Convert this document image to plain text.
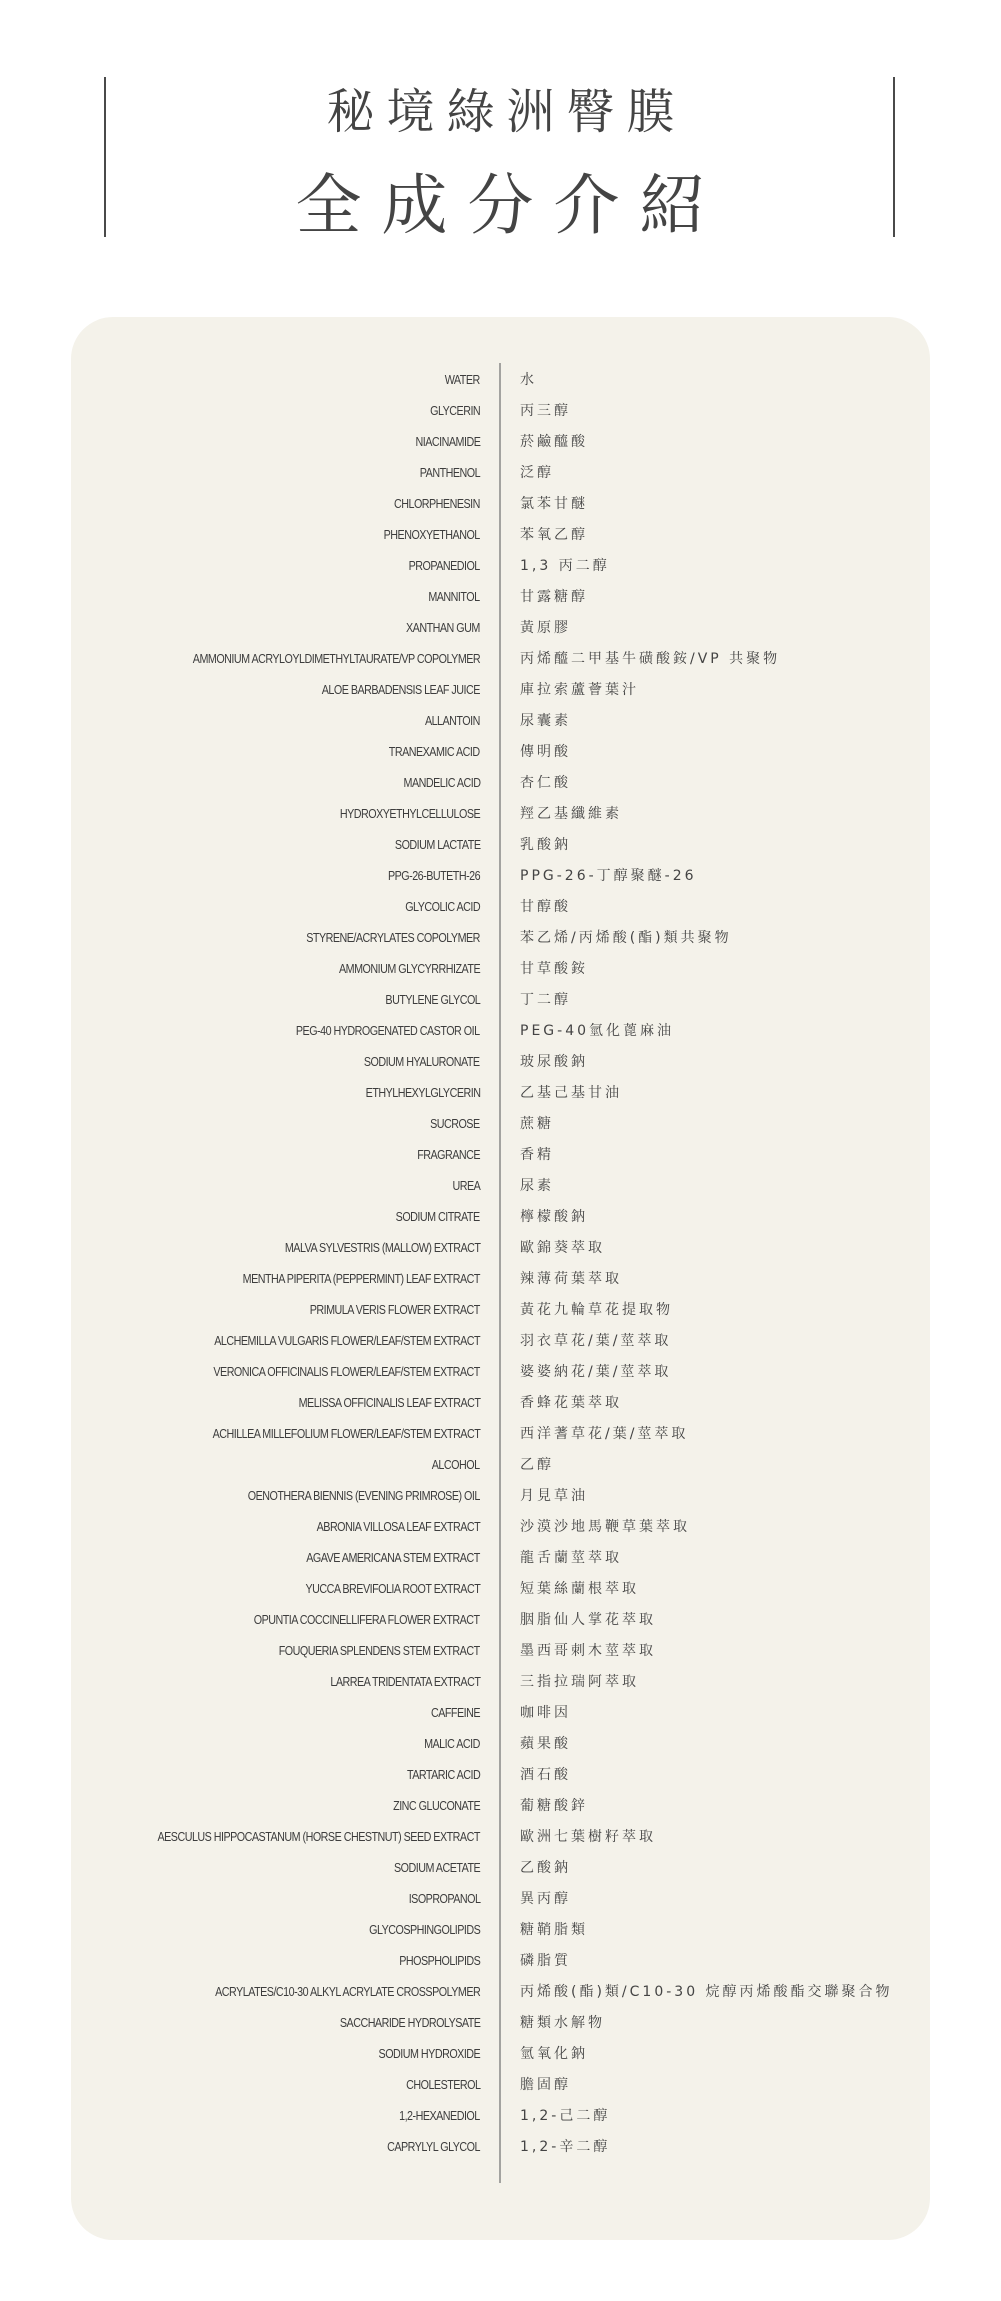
秘境綠洲臀膜
全成分介紹
WATER	水
GLYCERIN	丙三醇
NIACINAMIDE	菸鹼醯酸
PANTHENOL	泛醇
CHLORPHENESIN	氯苯甘醚
PHENOXYETHANOL	苯氧乙醇
PROPANEDIOL	1,3 丙二醇
MANNITOL	甘露糖醇
XANTHAN GUM	黃原膠
AMMONIUM ACRYLOYLDIMETHYLTAURATE/VP COPOLYMER	丙烯醯二甲基牛磺酸銨/VP 共聚物
ALOE BARBADENSIS LEAF JUICE	庫拉索蘆薈葉汁
ALLANTOIN	尿囊素
TRANEXAMIC ACID	傳明酸
MANDELIC ACID	杏仁酸
HYDROXYETHYLCELLULOSE	羥乙基纖維素
SODIUM LACTATE	乳酸鈉
PPG-26-BUTETH-26	PPG-26-丁醇聚醚-26
GLYCOLIC ACID	甘醇酸
STYRENE/ACRYLATES COPOLYMER	苯乙烯/丙烯酸(酯)類共聚物
AMMONIUM GLYCYRRHIZATE	甘草酸銨
BUTYLENE GLYCOL	丁二醇
PEG-40 HYDROGENATED CASTOR OIL	PEG-40氫化蓖麻油
SODIUM HYALURONATE	玻尿酸鈉
ETHYLHEXYLGLYCERIN	乙基己基甘油
SUCROSE	蔗糖
FRAGRANCE	香精
UREA	尿素
SODIUM CITRATE	檸檬酸鈉
MALVA SYLVESTRIS (MALLOW) EXTRACT	歐錦葵萃取
MENTHA PIPERITA (PEPPERMINT) LEAF EXTRACT	辣薄荷葉萃取
PRIMULA VERIS FLOWER EXTRACT	黃花九輪草花提取物
ALCHEMILLA VULGARIS FLOWER/LEAF/STEM EXTRACT	羽衣草花/葉/莖萃取
VERONICA OFFICINALIS FLOWER/LEAF/STEM EXTRACT	婆婆納花/葉/莖萃取
MELISSA OFFICINALIS LEAF EXTRACT	香蜂花葉萃取
ACHILLEA MILLEFOLIUM FLOWER/LEAF/STEM EXTRACT	西洋蓍草花/葉/莖萃取
ALCOHOL	乙醇
OENOTHERA BIENNIS (EVENING PRIMROSE) OIL	月見草油
ABRONIA VILLOSA LEAF EXTRACT	沙漠沙地馬鞭草葉萃取
AGAVE AMERICANA STEM EXTRACT	龍舌蘭莖萃取
YUCCA BREVIFOLIA ROOT EXTRACT	短葉絲蘭根萃取
OPUNTIA COCCINELLIFERA FLOWER EXTRACT	胭脂仙人掌花萃取
FOUQUERIA SPLENDENS STEM EXTRACT	墨西哥刺木莖萃取
LARREA TRIDENTATA EXTRACT	三指拉瑞阿萃取
CAFFEINE	咖啡因
MALIC ACID	蘋果酸
TARTARIC ACID	酒石酸
ZINC GLUCONATE	葡糖酸鋅
AESCULUS HIPPOCASTANUM (HORSE CHESTNUT) SEED EXTRACT	歐洲七葉樹籽萃取
SODIUM ACETATE	乙酸鈉
ISOPROPANOL	異丙醇
GLYCOSPHINGOLIPIDS	糖鞘脂類
PHOSPHOLIPIDS	磷脂質
ACRYLATES/C10-30 ALKYL ACRYLATE CROSSPOLYMER	丙烯酸(酯)類/C10-30 烷醇丙烯酸酯交聯聚合物
SACCHARIDE HYDROLYSATE	糖類水解物
SODIUM HYDROXIDE	氫氧化鈉
CHOLESTEROL	膽固醇
1,2-HEXANEDIOL	1,2-己二醇
CAPRYLYL GLYCOL	1,2-辛二醇
